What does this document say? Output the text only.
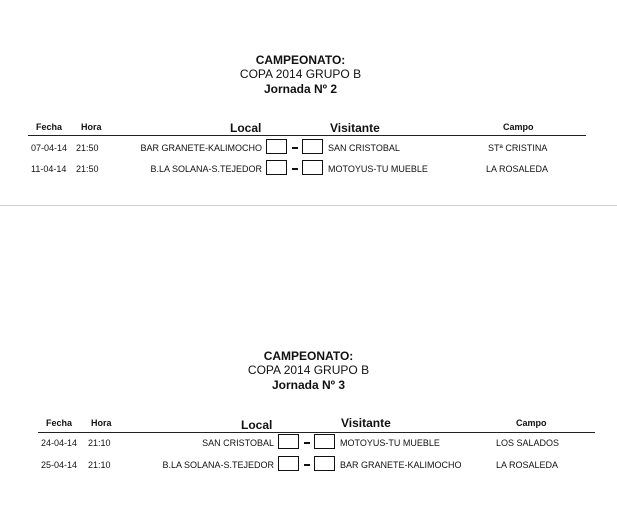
CAMPEONATO:
COPA 2014 GRUPO B
Jornada Nº 2
Fecha Hora	Local	Visitante	Campo
07-04-14 21:50	BAR GRANETE-KALIMOCHO	SAN CRISTOBAL	STª CRISTINA
11-04-14 21:50	B.LA SOLANA-S.TEJEDOR	MOTOYUS-TU MUEBLE	LA ROSALEDA
CAMPEONATO:
COPA 2014 GRUPO B
Jornada Nº 3
Fecha Hora	Local	Visitante	Campo
24-04-14 21:10	SAN CRISTOBAL	MOTOYUS-TU MUEBLE	LOS SALADOS
25-04-14 21:10	B.LA SOLANA-S.TEJEDOR	BAR GRANETE-KALIMOCHO	LA ROSALEDA
